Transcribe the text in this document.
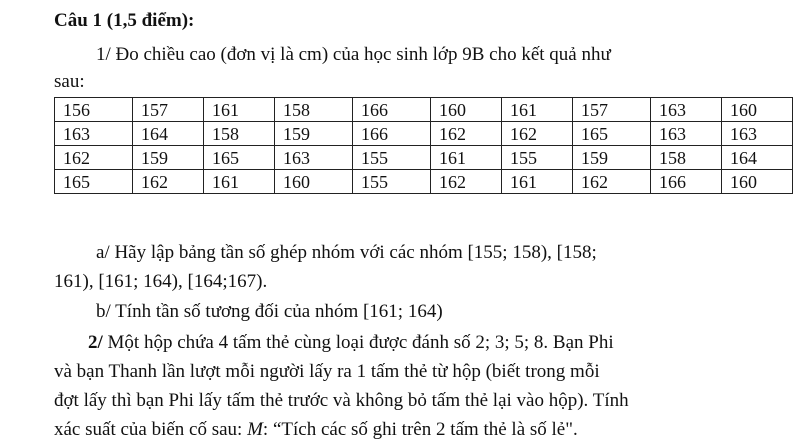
Câu 1 (1,5 điểm):
1/ Đo chiều cao (đơn vị là cm) của học sinh lớp 9B cho kết quả như
sau:
156	157	161	158	166	160	161	157	163	160
163	164	158	159	166	162	162	165	163	163
162	159	165	163	155	161	155	159	158	164
165	162	161	160	155	162	161	162	166	160
a/ Hãy lập bảng tần số ghép nhóm với các nhóm [155; 158), [158;
161), [161; 164), [164;167).
b/ Tính tần số tương đối của nhóm [161; 164)
2/ Một hộp chứa 4 tấm thẻ cùng loại được đánh số 2; 3; 5; 8. Bạn Phi
và bạn Thanh lần lượt mỗi người lấy ra 1 tấm thẻ từ hộp (biết trong mỗi
đợt lấy thì bạn Phi lấy tấm thẻ trước và không bỏ tấm thẻ lại vào hộp). Tính
xác suất của biến cố sau: M: “Tích các số ghi trên 2 tấm thẻ là số lẻ".
